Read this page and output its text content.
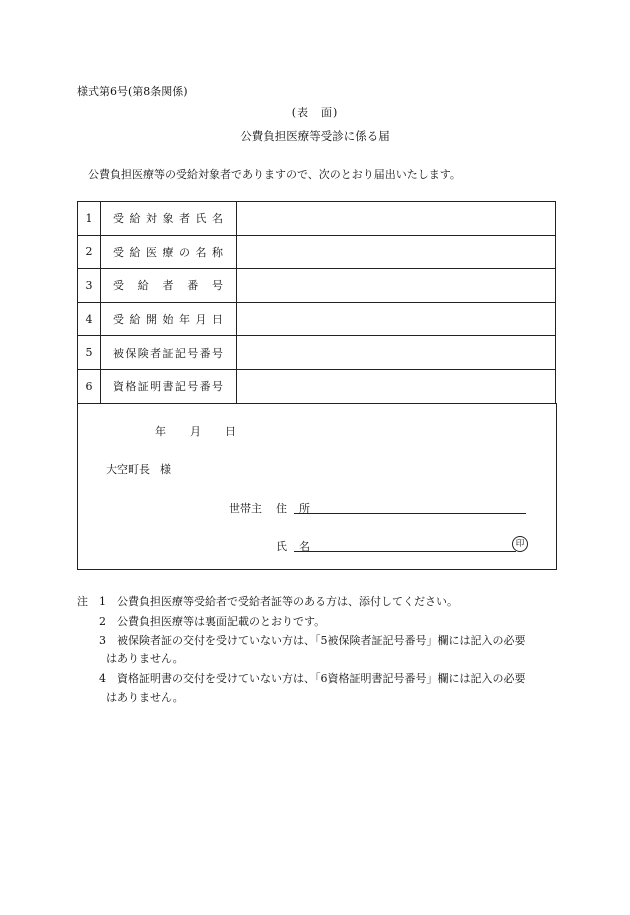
様式第6号(第8条関係)
(表　面)
公費負担医療等受診に係る届
公費負担医療等の受給対象者でありますので、次のとおり届出いたします。
1	受給対象者氏名	

2	受給医療の名称	

3	受給者番号	

4	受給開始年月日	

5	被保険者証記号番号	

6	資格証明書記号番号	

年 月 日
大空町長 様
世帯主 住 所
氏 名	印
注 1 公費負担医療等受給者で受給者証等のある方は、添付してください。
2 公費負担医療等は裏面記載のとおりです。
3 被保険者証の交付を受けていない方は、「5被保険者証記号番号」欄には記入の必要
はありません。
4 資格証明書の交付を受けていない方は、「6資格証明書記号番号」欄には記入の必要
はありません。
